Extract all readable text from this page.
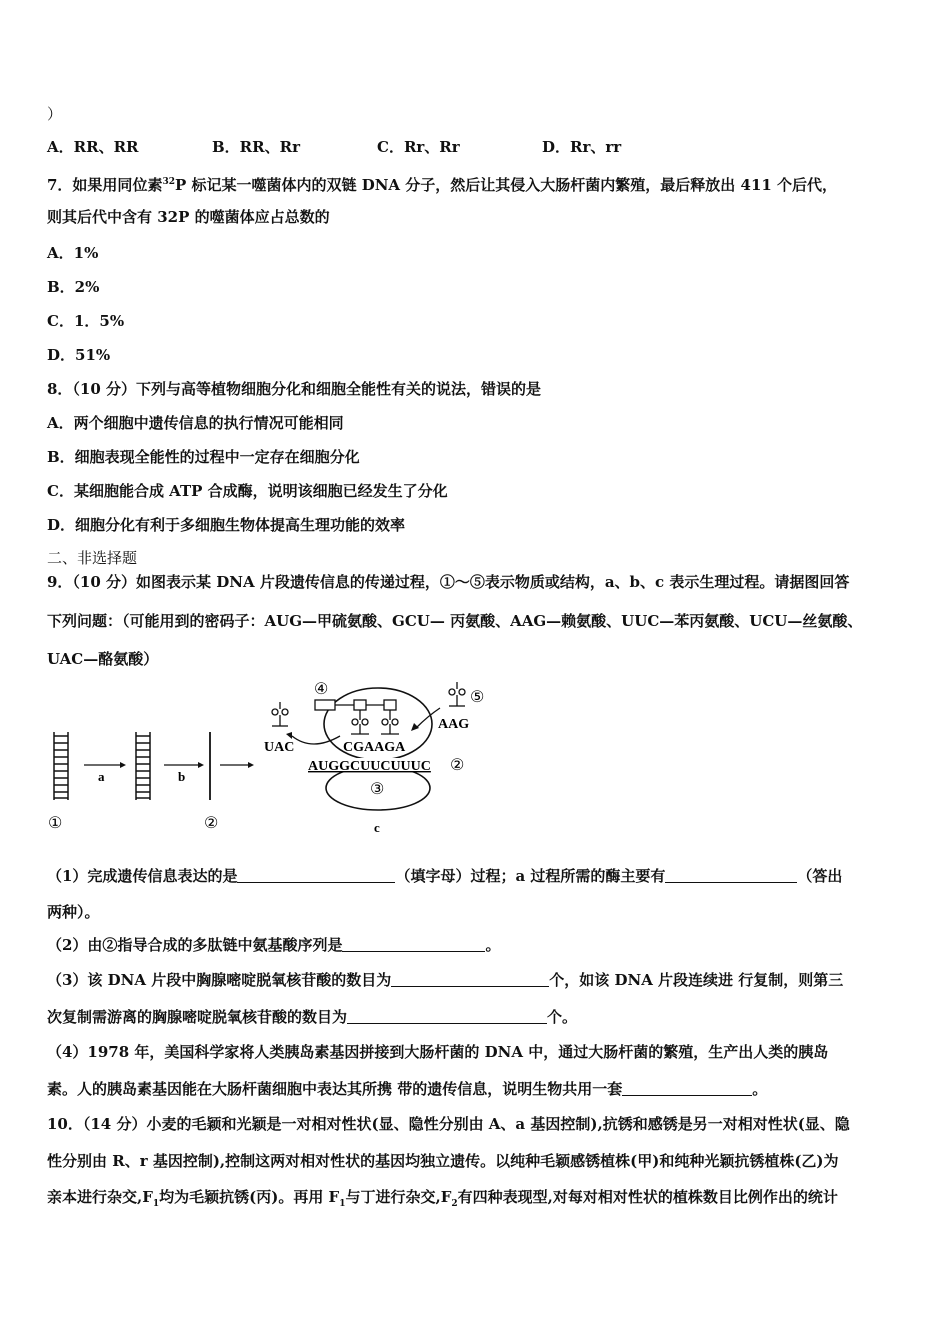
）
A．RR、RR	B．RR、Rr	C．Rr、Rr	D．Rr、rr
7．如果用同位素$^{32}$P 标记某一噬菌体内的双链 DNA 分子，然后让其侵入大肠杆菌内繁殖，最后释放出 411 个后代，
则其后代中含有 32P 的噬菌体应占总数的
A．1%
B．2%
C．1．5%
D．51%
8．（10 分）下列与高等植物细胞分化和细胞全能性有关的说法，错误的是
A．两个细胞中遗传信息的执行情况可能相同
B．细胞表现全能性的过程中一定存在细胞分化
C．某细胞能合成 ATP 合成酶，说明该细胞已经发生了分化
D．细胞分化有利于多细胞生物体提高生理功能的效率
二、非选择题
9．（10 分）如图表示某 DNA 片段遗传信息的传递过程，①～⑤表示物质或结构，a、b、c 表示生理过程。请据图回答
下列问题：（可能用到的密码子：AUG—甲硫氨酸、GCU— 丙氨酸、AAG—赖氨酸、UUC—苯丙氨酸、UCU—丝氨酸、
UAC—酪氨酸）
a	b
①	②
④
CGAAGA
AUGGCUUCUUUC ②
③
c
UAC
⑤
AAG
（1）完成遗传信息表达的是	（填字母）过程；a 过程所需的酶主要有	（答出
两种）。
（2）由②指导合成的多肽链中氨基酸序列是	。
（3）该 DNA 片段中胸腺嘧啶脱氧核苷酸的数目为	个，如该 DNA 片段连续进 行复制，则第三
次复制需游离的胸腺嘧啶脱氧核苷酸的数目为	个。
（4）1978 年，美国科学家将人类胰岛素基因拼接到大肠杆菌的 DNA 中，通过大肠杆菌的繁殖，生产出人类的胰岛
素。人的胰岛素基因能在大肠杆菌细胞中表达其所携 带的遗传信息，说明生物共用一套	。
10．（14 分）小麦的毛颖和光颖是一对相对性状(显、隐性分别由 A、a 基因控制),抗锈和感锈是另一对相对性状(显、隐
性分别由 R、r 基因控制),控制这两对相对性状的基因均独立遗传。以纯种毛颖感锈植株(甲)和纯种光颖抗锈植株(乙)为
亲本进行杂交$,F_1$均为毛颖抗锈(丙)。再用 $F_1$与丁进行杂交$,F_2$有四种表现型,对每对相对性状的植株数目比例作出的统计
